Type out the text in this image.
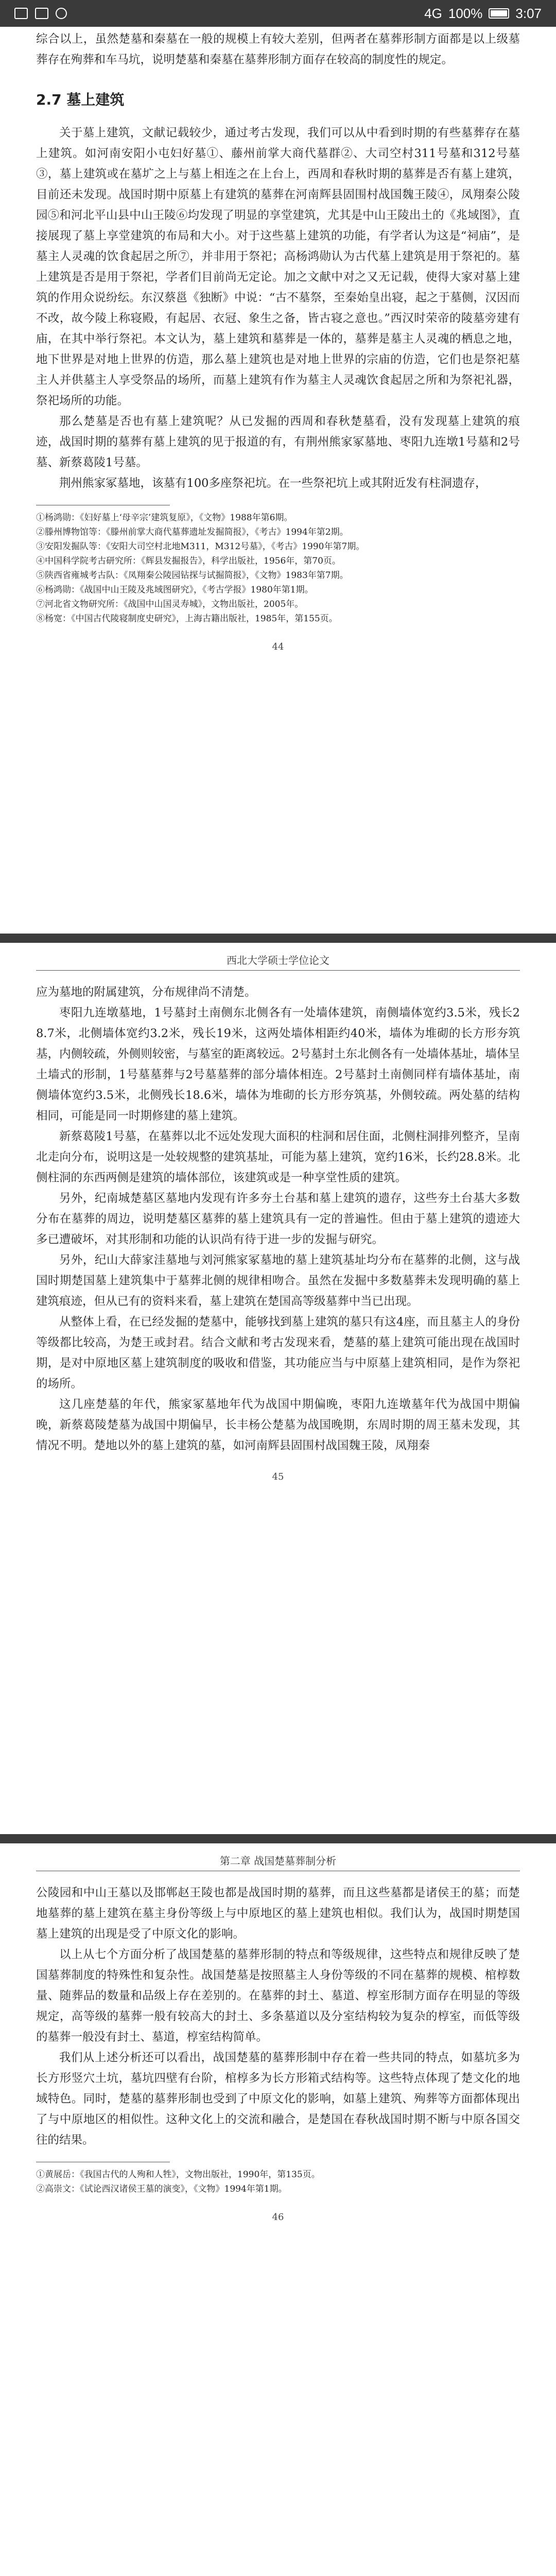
4G 100% 3:07

综合以上，虽然楚墓和秦墓在一般的规模上有较大差别，但两者在墓葬形制方面都是以上级墓葬存在殉葬和车马坑，说明楚墓和秦墓在墓葬形制方面存在较高的制度性的规定。

2.7 墓上建筑

关于墓上建筑，文献记载较少，通过考古发现，我们可以从中看到时期的有些墓葬存在墓上建筑。如河南安阳小屯妇好墓①、藤州前掌大商代墓群②、大司空村311号墓和312号墓③，墓上建筑或在墓圹之上与墓上相连之在上台上，西周和春秋时期的墓葬是否有墓上建筑，目前还未发现。战国时期中原墓上有建筑的墓葬在河南辉县固围村战国魏王陵④，凤翔秦公陵园⑤和河北平山县中山王陵⑥均发现了明显的享堂建筑，尤其是中山王陵出土的《兆域图》，直接展现了墓上享堂建筑的布局和大小。对于这些墓上建筑的功能，有学者认为这是“祠庙”，是墓主人灵魂的饮食起居之所⑦，并非用于祭祀；高杨鸿勋认为古代墓上建筑是用于祭祀的。墓上建筑是否是用于祭祀，学者们目前尚无定论。加之文献中对之又无记载，使得大家对墓上建筑的作用众说纷纭。东汉蔡邕《独断》中说：“古不墓祭，至秦始皇出寝，起之于墓侧，汉因而不改，故今陵上称寝殿，有起居、衣冠、象生之备，皆古寝之意也。”西汉时荣帝的陵墓旁建有庙，在其中举行祭祀。本文认为，墓上建筑和墓葬是一体的，墓葬是墓主人灵魂的栖息之地，地下世界是对地上世界的仿造，那么墓上建筑也是对地上世界的宗庙的仿造，它们也是祭祀墓主人并供墓主人享受祭品的场所，而墓上建筑有作为墓主人灵魂饮食起居之所和为祭祀礼器，祭祀场所的功能。

那么楚墓是否也有墓上建筑呢？从已发掘的西周和春秋楚墓看，没有发现墓上建筑的痕迹，战国时期的墓葬有墓上建筑的见于报道的有，有荆州熊家冢墓地、枣阳九连墩1号墓和2号墓、新蔡葛陵1号墓。

荆州熊家冢墓地，该墓有100多座祭祀坑。在一些祭祀坑上或其附近发有柱洞遗存，

①杨鸿勋：《妇好墓上‘母辛宗’建筑复原》，《文物》1988年第6期。

②滕州博物馆等：《滕州前掌大商代墓葬遗址发掘简报》，《考古》1994年第2期。

③安阳发掘队等：《安阳大司空村北地M311，M312号墓》，《考古》1990年第7期。

④中国科学院考古研究所：《辉县发掘报告》，科学出版社，1956年，第70页。

⑤陕西省雍城考古队：《凤翔秦公陵园钻探与试掘简报》，《文物》1983年第7期。

⑥杨鸿勋：《战国中山王陵及兆域图研究》，《考古学报》1980年第1期。

⑦河北省文物研究所：《战国中山国灵寿城》，文物出版社，2005年。

⑧杨宽：《中国古代陵寝制度史研究》，上海古籍出版社，1985年，第155页。

44
西北大学硕士学位论文

应为墓地的附属建筑，分布规律尚不清楚。

枣阳九连墩墓地，1号墓封土南侧东北侧各有一处墙体建筑，南侧墙体宽约3.5米，残长28.7米，北侧墙体宽约3.2米，残长19米，这两处墙体相距约40米，墙体为堆砌的长方形夯筑基，内侧较疏，外侧则较密，与墓室的距离较远。2号墓封土东北侧各有一处墙体基址，墙体呈土墙式的形制，1号墓墓葬与2号墓墓葬的部分墙体相连。2号墓封土南侧同样有墙体基址，南侧墙体宽约3.5米，北侧残长18.6米，墙体为堆砌的长方形夯筑基，外侧较疏。两处墓的结构相同，可能是同一时期修建的墓上建筑。

新蔡葛陵1号墓，在墓葬以北不远处发现大面积的柱洞和居住面，北侧柱洞排列整齐，呈南北走向分布，说明这是一处较规整的建筑基址，可能为墓上建筑，宽约16米，长约28.8米。北侧柱洞的东西两侧是建筑的墙体部位，该建筑或是一种享堂性质的建筑。

另外，纪南城楚墓区墓地内发现有许多夯土台基和墓上建筑的遗存，这些夯土台基大多数分布在墓葬的周边，说明楚墓区墓葬的墓上建筑具有一定的普遍性。但由于墓上建筑的遗迹大多已遭破坏，对其形制和功能的认识尚有待于进一步的发掘与研究。

另外，纪山大薛家洼墓地与刘河熊家冢墓地的墓上建筑基址均分布在墓葬的北侧，这与战国时期楚国墓上建筑集中于墓葬北侧的规律相吻合。虽然在发掘中多数墓葬未发现明确的墓上建筑痕迹，但从已有的资料来看，墓上建筑在楚国高等级墓葬中当已出现。

从整体上看，在已经发掘的楚墓中，能够找到墓上建筑的墓只有这4座，而且墓主人的身份等级都比较高，为楚王或封君。结合文献和考古发现来看，楚墓的墓上建筑可能出现在战国时期，是对中原地区墓上建筑制度的吸收和借鉴，其功能应当与中原墓上建筑相同，是作为祭祀的场所。

这几座楚墓的年代，熊家冢墓地年代为战国中期偏晚，枣阳九连墩墓年代为战国中期偏晚，新蔡葛陵楚墓为战国中期偏早，长丰杨公楚墓为战国晚期，东周时期的周王墓未发现，其情况不明。楚地以外的墓上建筑的墓，如河南辉县固围村战国魏王陵，凤翔秦

45
第二章 战国楚墓葬制分析

公陵园和中山王墓以及邯郸赵王陵也都是战国时期的墓葬，而且这些墓都是诸侯王的墓；而楚地墓葬的墓上建筑在墓主身份等级上与中原地区的墓上建筑也相似。我们认为，战国时期楚国墓上建筑的出现是受了中原文化的影响。

以上从七个方面分析了战国楚墓的墓葬形制的特点和等级规律，这些特点和规律反映了楚国墓葬制度的特殊性和复杂性。战国楚墓是按照墓主人身份等级的不同在墓葬的规模、棺椁数量、随葬品的数量和品级上存在差别的。在墓葬的封土、墓道、椁室形制方面存在明显的等级规定，高等级的墓葬一般有较高大的封土、多条墓道以及分室结构较为复杂的椁室，而低等级的墓葬一般没有封土、墓道，椁室结构简单。

我们从上述分析还可以看出，战国楚墓的墓葬形制中存在着一些共同的特点，如墓坑多为长方形竖穴土坑，墓坑四壁有台阶，棺椁多为长方形箱式结构等。这些特点体现了楚文化的地域特色。同时，楚墓的墓葬形制也受到了中原文化的影响，如墓上建筑、殉葬等方面都体现出了与中原地区的相似性。这种文化上的交流和融合，是楚国在春秋战国时期不断与中原各国交往的结果。

①黄展岳：《我国古代的人殉和人牲》，文物出版社，1990年，第135页。

②高崇文：《试论西汉诸侯王墓的演变》，《文物》1994年第1期。

46
